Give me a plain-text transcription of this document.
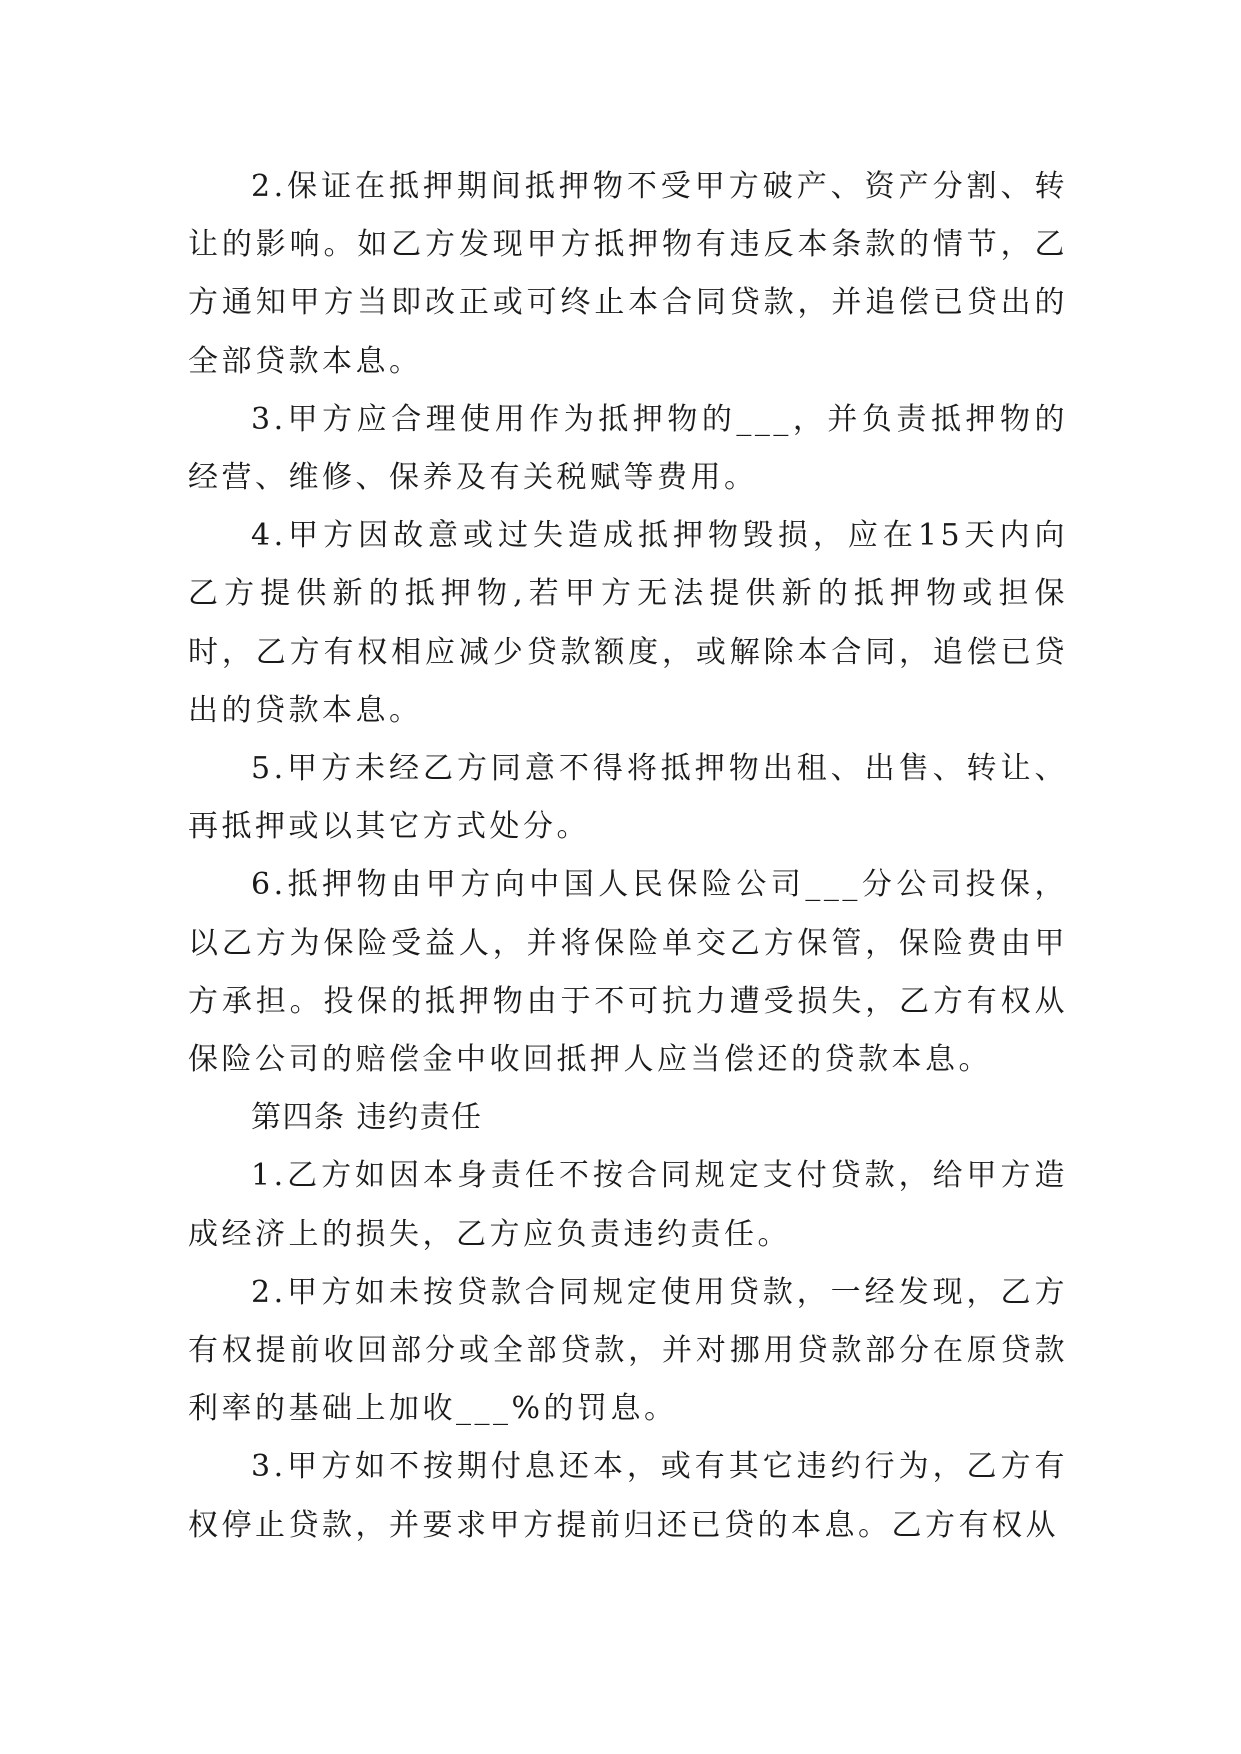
2.保证在抵押期间抵押物不受甲方破产、资产分割、转让的影响。如乙方发现甲方抵押物有违反本条款的情节，乙方通知甲方当即改正或可终止本合同贷款，并追偿已贷出的全部贷款本息。

3.甲方应合理使用作为抵押物的___，并负责抵押物的经营、维修、保养及有关税赋等费用。

4.甲方因故意或过失造成抵押物毁损，应在15天内向乙方提供新的抵押物,若甲方无法提供新的抵押物或担保时，乙方有权相应减少贷款额度，或解除本合同，追偿已贷出的贷款本息。

5.甲方未经乙方同意不得将抵押物出租、出售、转让、再抵押或以其它方式处分。

6.抵押物由甲方向中国人民保险公司___分公司投保，以乙方为保险受益人，并将保险单交乙方保管，保险费由甲方承担。投保的抵押物由于不可抗力遭受损失，乙方有权从保险公司的赔偿金中收回抵押人应当偿还的贷款本息。

第四条 违约责任

1.乙方如因本身责任不按合同规定支付贷款，给甲方造成经济上的损失，乙方应负责违约责任。

2.甲方如未按贷款合同规定使用贷款，一经发现，乙方有权提前收回部分或全部贷款，并对挪用贷款部分在原贷款利率的基础上加收___%的罚息。

3.甲方如不按期付息还本，或有其它违约行为，乙方有权停止贷款，并要求甲方提前归还已贷的本息。乙方有权从
